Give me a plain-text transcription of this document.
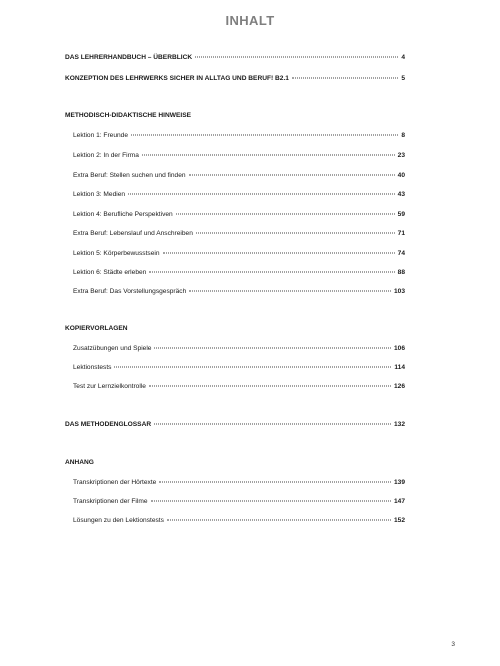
INHALT
DAS LEHRERHANDBUCH – ÜBERBLICK	4
KONZEPTION DES LEHRWERKS SICHER IN ALLTAG UND BERUF! B2.1	5
METHODISCH-DIDAKTISCHE HINWEISE
Lektion 1: Freunde	8
Lektion 2: In der Firma	23
Extra Beruf: Stellen suchen und finden	40
Lektion 3: Medien	43
Lektion 4: Berufliche Perspektiven	59
Extra Beruf: Lebenslauf und Anschreiben	71
Lektion 5: Körperbewusstsein	74
Lektion 6: Städte erleben	88
Extra Beruf: Das Vorstellungsgespräch	103
KOPIERVORLAGEN
Zusatzübungen und Spiele	106
Lektionstests	114
Test zur Lernzielkontrolle	126
DAS METHODENGLOSSAR	132
ANHANG
Transkriptionen der Hörtexte	139
Transkriptionen der Filme	147
Lösungen zu den Lektionstests	152
3
